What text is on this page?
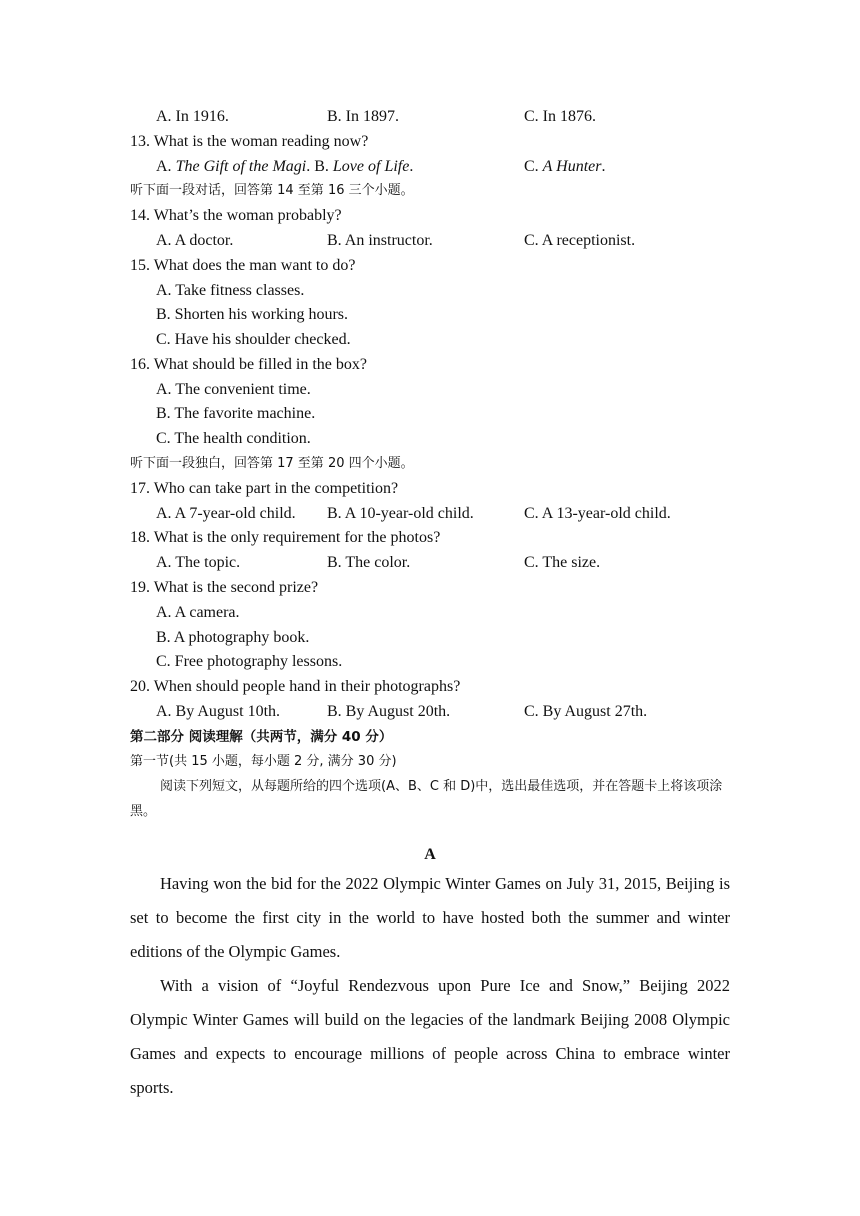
A. In 1916.	B. In 1897.	C. In 1876.
13. What is the woman reading now?
A. The Gift of the Magi. B. Love of Life.	C. A Hunter.
听下面一段对话，回答第 14 至第 16 三个小题。
14. What’s the woman probably?
A. A doctor.	B. An instructor.	C. A receptionist.
15. What does the man want to do?
A. Take fitness classes.
B. Shorten his working hours.
C. Have his shoulder checked.
16. What should be filled in the box?
A. The convenient time.
B. The favorite machine.
C. The health condition.
听下面一段独白，回答第 17 至第 20 四个小题。
17. Who can take part in the competition?
A. A 7-year-old child. B. A 10-year-old child.	C. A 13-year-old child.
18. What is the only requirement for the photos?
A. The topic.	B. The color.	C. The size.
19. What is the second prize?
A. A camera.
B. A photography book.
C. Free photography lessons.
20. When should people hand in their photographs?
A. By August 10th.	B. By August 20th.	C. By August 27th.
第二部分 阅读理解（共两节，满分 40 分）
第一节(共 15 小题，每小题 2 分, 满分 30 分)

阅读下列短文，从每题所给的四个选项(A、B、C 和 D)中，选出最佳选项，并在答题卡上将该项涂黑。

A

Having won the bid for the 2022 Olympic Winter Games on July 31, 2015, Beijing is set to become the first city in the world to have hosted both the summer and winter editions of the Olympic Games.

With a vision of “Joyful Rendezvous upon Pure Ice and Snow,” Beijing 2022 Olympic Winter Games will build on the legacies of the landmark Beijing 2008 Olympic Games and expects to encourage millions of people across China to embrace winter sports.
